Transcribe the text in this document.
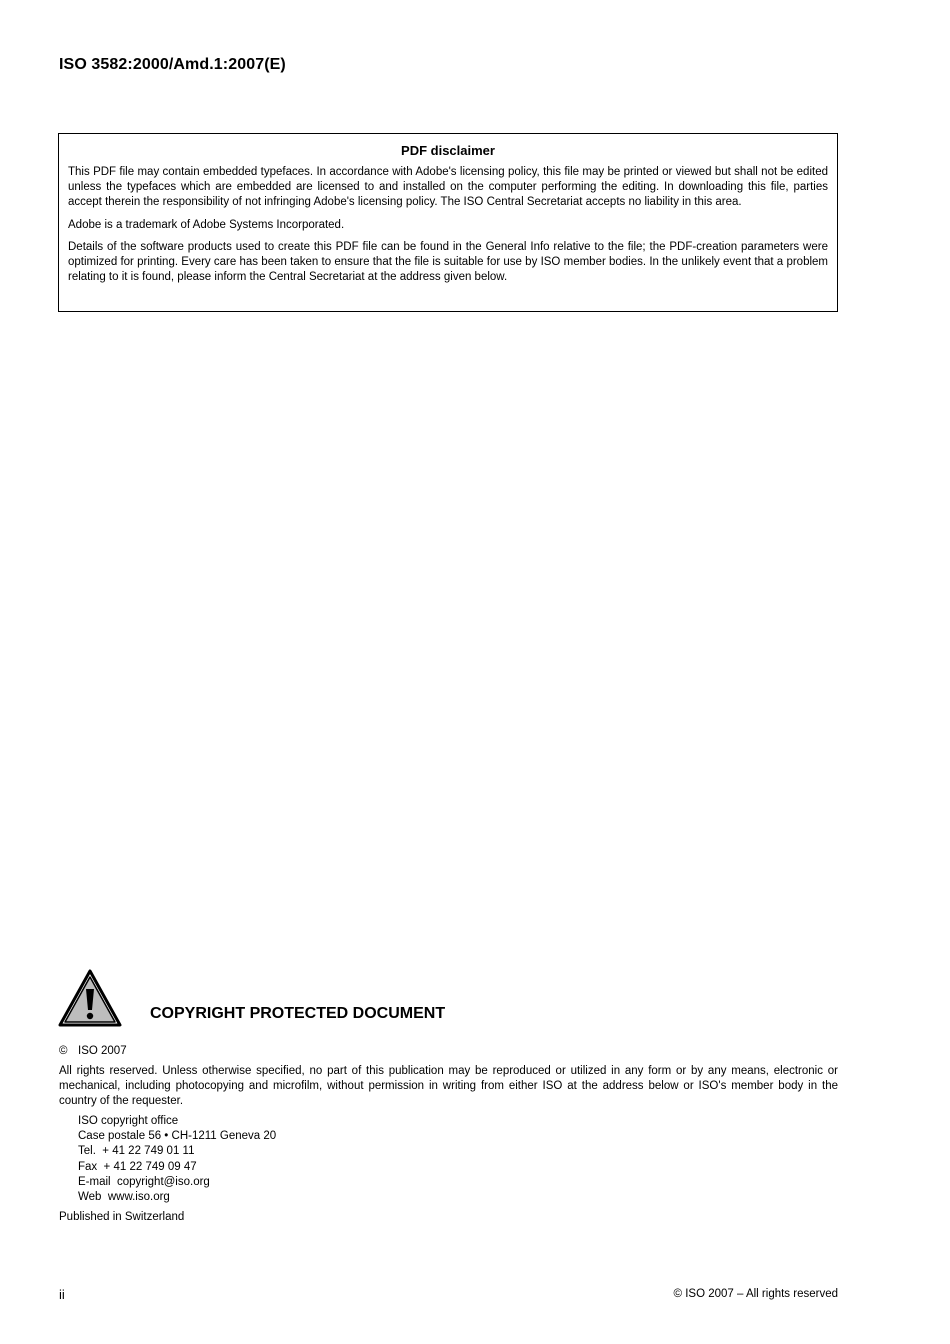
ISO 3582:2000/Amd.1:2007(E)
PDF disclaimer

This PDF file may contain embedded typefaces. In accordance with Adobe's licensing policy, this file may be printed or viewed but shall not be edited unless the typefaces which are embedded are licensed to and installed on the computer performing the editing. In downloading this file, parties accept therein the responsibility of not infringing Adobe's licensing policy. The ISO Central Secretariat accepts no liability in this area.

Adobe is a trademark of Adobe Systems Incorporated.

Details of the software products used to create this PDF file can be found in the General Info relative to the file; the PDF-creation parameters were optimized for printing. Every care has been taken to ensure that the file is suitable for use by ISO member bodies. In the unlikely event that a problem relating to it is found, please inform the Central Secretariat at the address given below.

COPYRIGHT PROTECTED DOCUMENT
© ISO 2007

All rights reserved. Unless otherwise specified, no part of this publication may be reproduced or utilized in any form or by any means, electronic or mechanical, including photocopying and microfilm, without permission in writing from either ISO at the address below or ISO's member body in the country of the requester.

ISO copyright office
Case postale 56 • CH-1211 Geneva 20
Tel.  + 41 22 749 01 11
Fax  + 41 22 749 09 47
E-mail  copyright@iso.org
Web  www.iso.org
Published in Switzerland
ii	© ISO 2007 – All rights reserved
